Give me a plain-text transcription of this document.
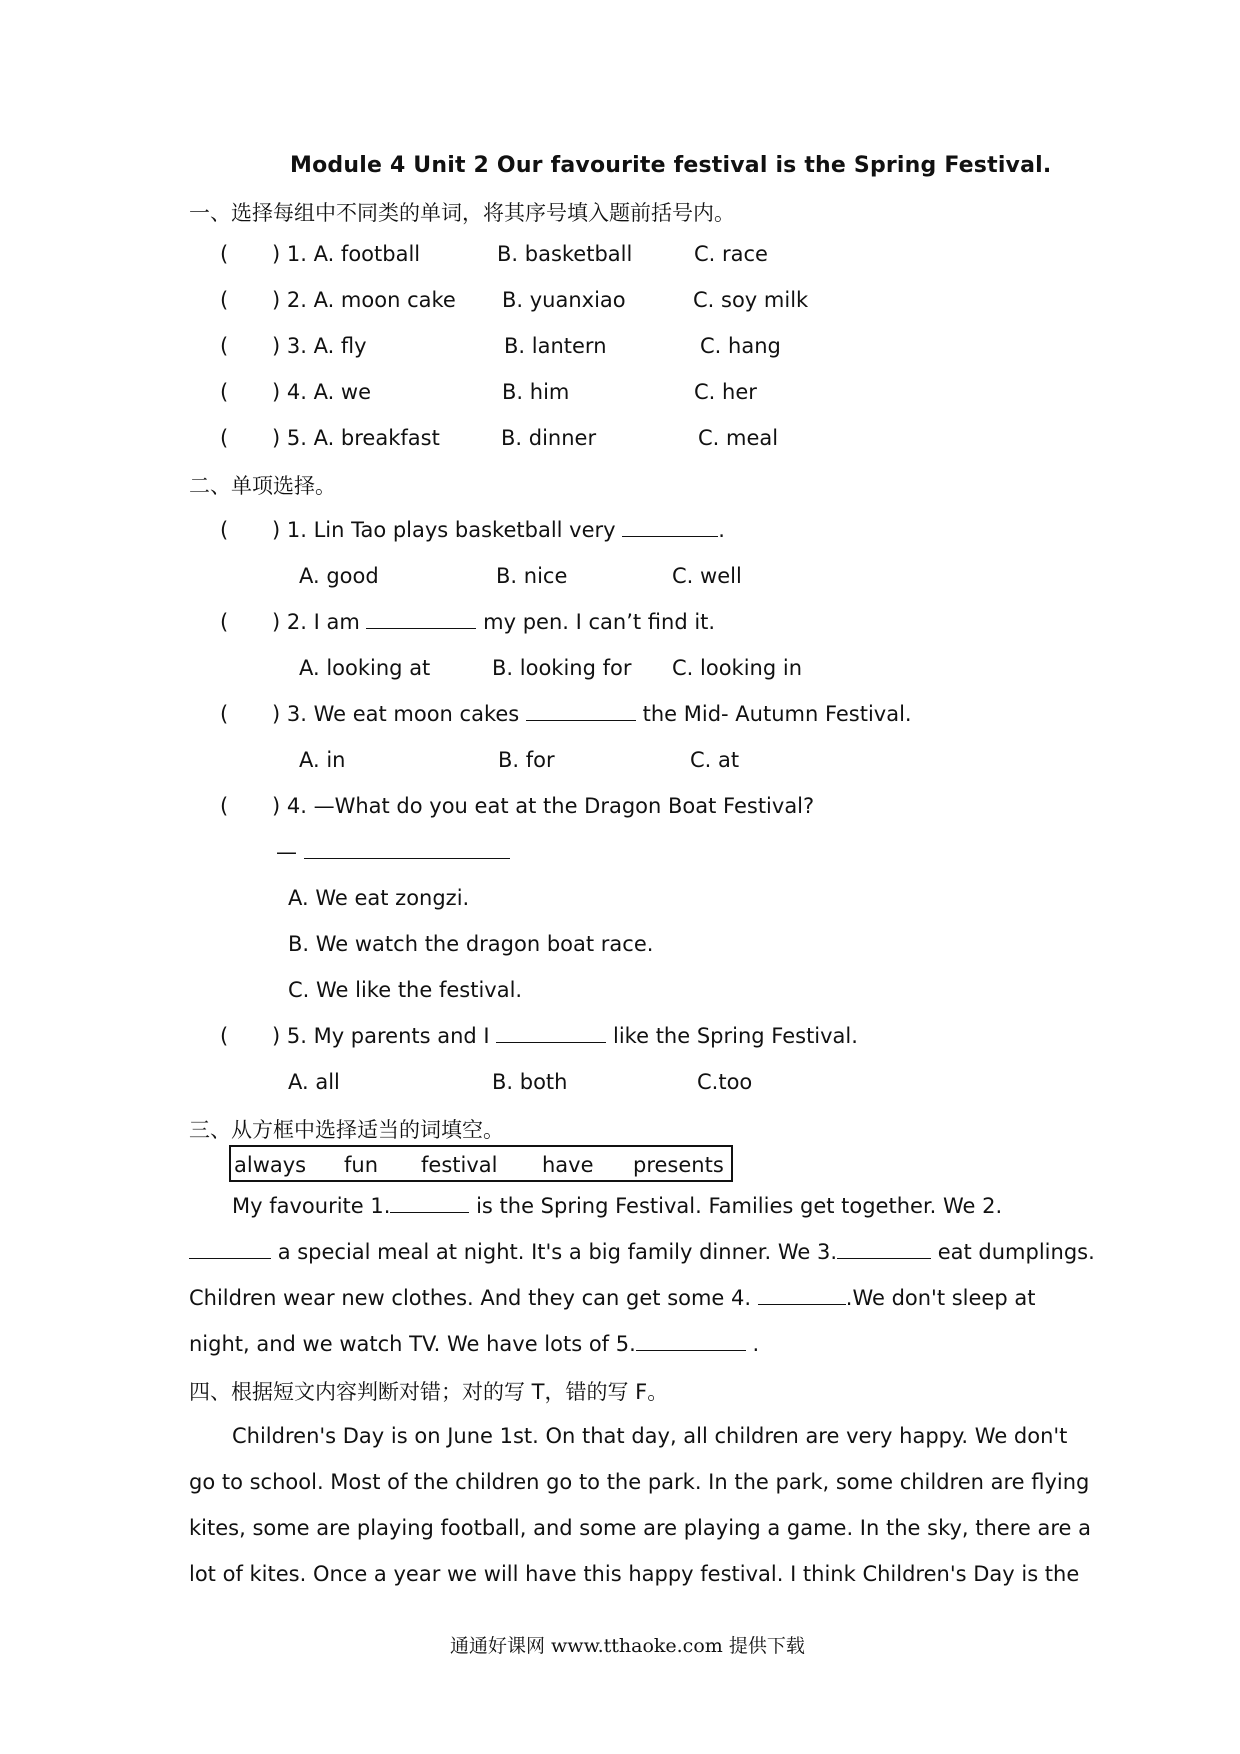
Module 4 Unit 2 Our favourite festival is the Spring Festival.
一、选择每组中不同类的单词，将其序号填入题前括号内。
( ) 1. A. football	B. basketball	C. race
( ) 2. A. moon cake B. yuanxiao	C. soy milk
( ) 3. A. fly	B. lantern	C. hang
( ) 4. A. we	B. him	C. her
( ) 5. A. breakfast	B. dinner	C. meal
二、单项选择。
( ) 1. Lin Tao plays basketball very	.
A. good	B. nice	C. well
( ) 2. I am	my pen. I can’t find it.
A. looking at	B. looking for C. looking in
( ) 3. We eat moon cakes	the Mid- Autumn Festival.
A. in	B. for	C. at
( ) 4. —What do you eat at the Dragon Boat Festival?
—
A. We eat zongzi.
B. We watch the dragon boat race.
C. We like the festival.
( ) 5. My parents and I	like the Spring Festival.
A. all	B. both	C.too
三、从方框中选择适当的词填空。
always fun festival have presents
My favourite 1.	is the Spring Festival. Families get together. We 2.
a special meal at night. It's a big family dinner. We 3.	eat dumplings.
Children wear new clothes. And they can get some 4.	.We don't sleep at
night, and we watch TV. We have lots of 5.	.
四、根据短文内容判断对错；对的写 T，错的写 F。
Children's Day is on June 1st. On that day, all children are very happy. We don't
go to school. Most of the children go to the park. In the park, some children are flying
kites, some are playing football, and some are playing a game. In the sky, there are a
lot of kites. Once a year we will have this happy festival. I think Children's Day is the
通通好课网 www.tthaoke.com 提供下载
